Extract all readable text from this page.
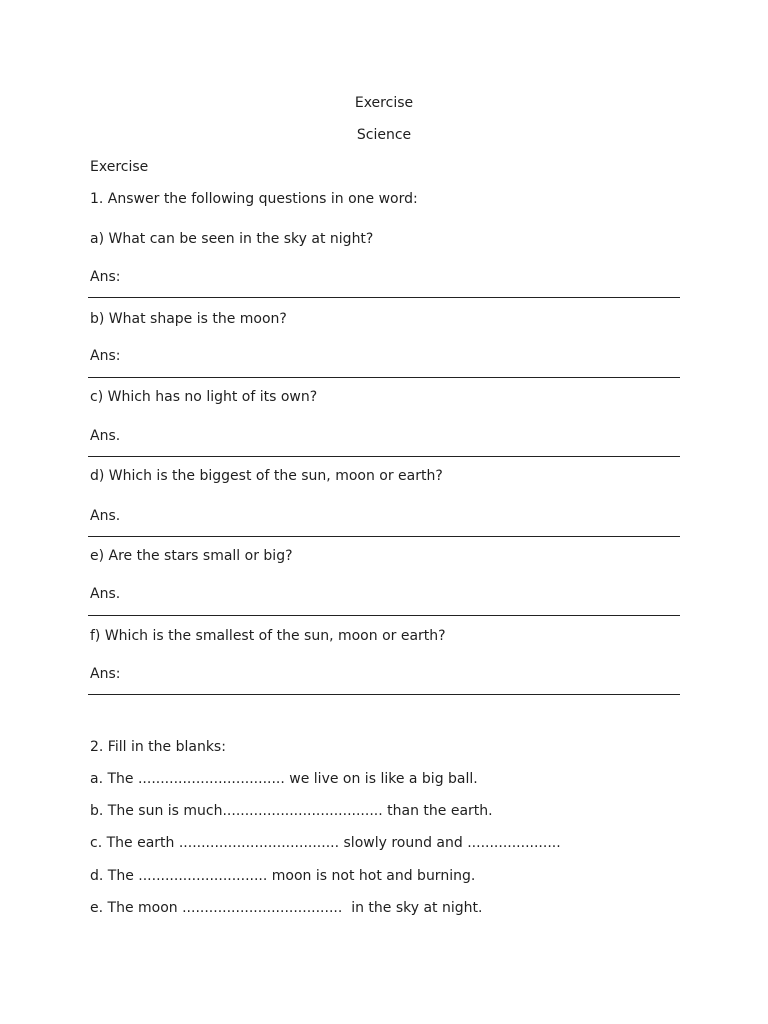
Exercise
Science
Exercise
1. Answer the following questions in one word:
a) What can be seen in the sky at night?
Ans:
b) What shape is the moon?
Ans:
c) Which has no light of its own?
Ans.
d) Which is the biggest of the sun, moon or earth?
Ans.
e) Are the stars small or big?
Ans.
f) Which is the smallest of the sun, moon or earth?
Ans:
2. Fill in the blanks:
a. The ................................. we live on is like a big ball.
b. The sun is much.................................... than the earth.
c. The earth .................................... slowly round and .....................
d. The ............................. moon is not hot and burning.
e. The moon ....................................  in the sky at night.
